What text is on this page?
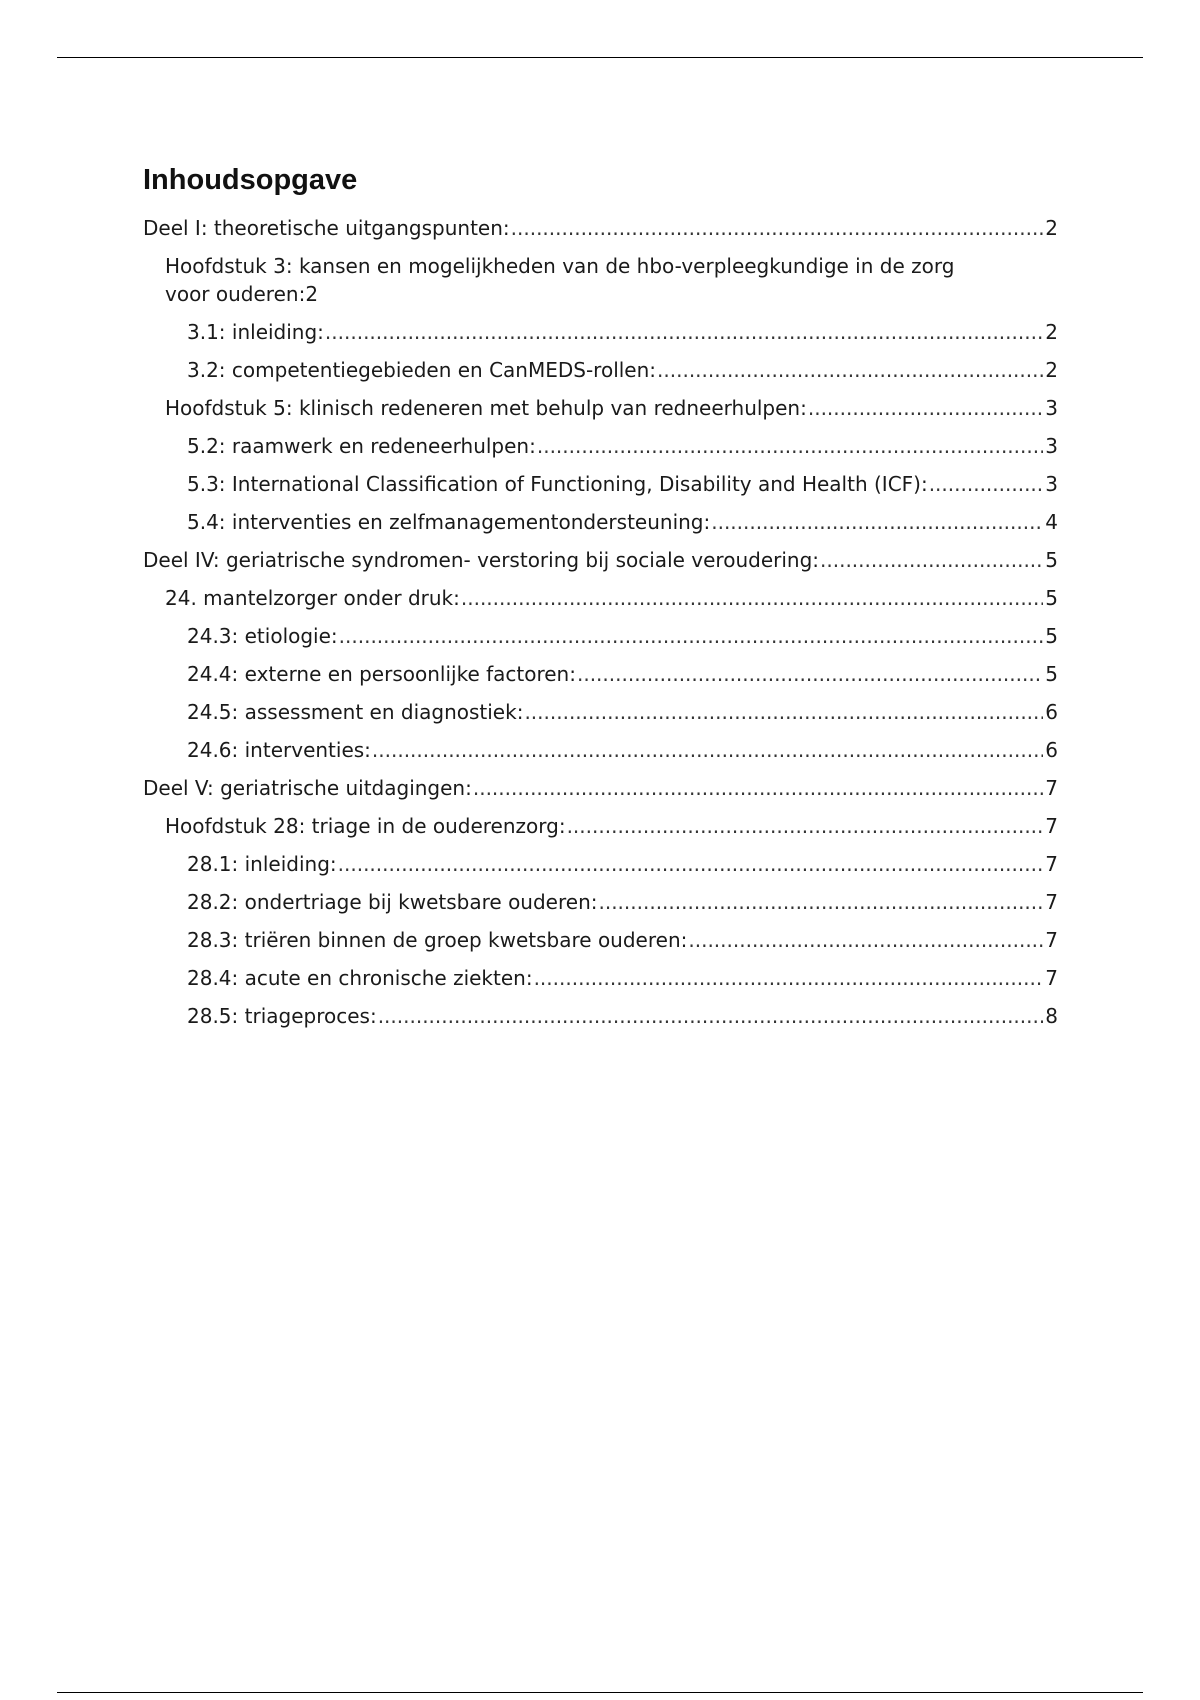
Inhoudsopgave
Deel I: theoretische uitgangspunten: .....	2
Hoofdstuk 3: kansen en mogelijkheden van de hbo-verpleegkundige in de zorg
voor ouderen: 2
3.1: inleiding: .....	2
3.2: competentiegebieden en CanMEDS-rollen: .....	2
Hoofdstuk 5: klinisch redeneren met behulp van redneerhulpen: .....	3
5.2: raamwerk en redeneerhulpen: .....	3
5.3: International Classification of Functioning, Disability and Health (ICF): .....	3
5.4: interventies en zelfmanagementondersteuning: .....	4
Deel IV: geriatrische syndromen- verstoring bij sociale veroudering: .....	5
24. mantelzorger onder druk: .....	5
24.3: etiologie: .....	5
24.4: externe en persoonlijke factoren: .....	5
24.5: assessment en diagnostiek: .....	6
24.6: interventies: .....	6
Deel V: geriatrische uitdagingen: .....	7
Hoofdstuk 28: triage in de ouderenzorg: .....	7
28.1: inleiding: .....	7
28.2: ondertriage bij kwetsbare ouderen: .....	7
28.3: triëren binnen de groep kwetsbare ouderen: .....	7
28.4: acute en chronische ziekten: .....	7
28.5: triageproces: .....	8
